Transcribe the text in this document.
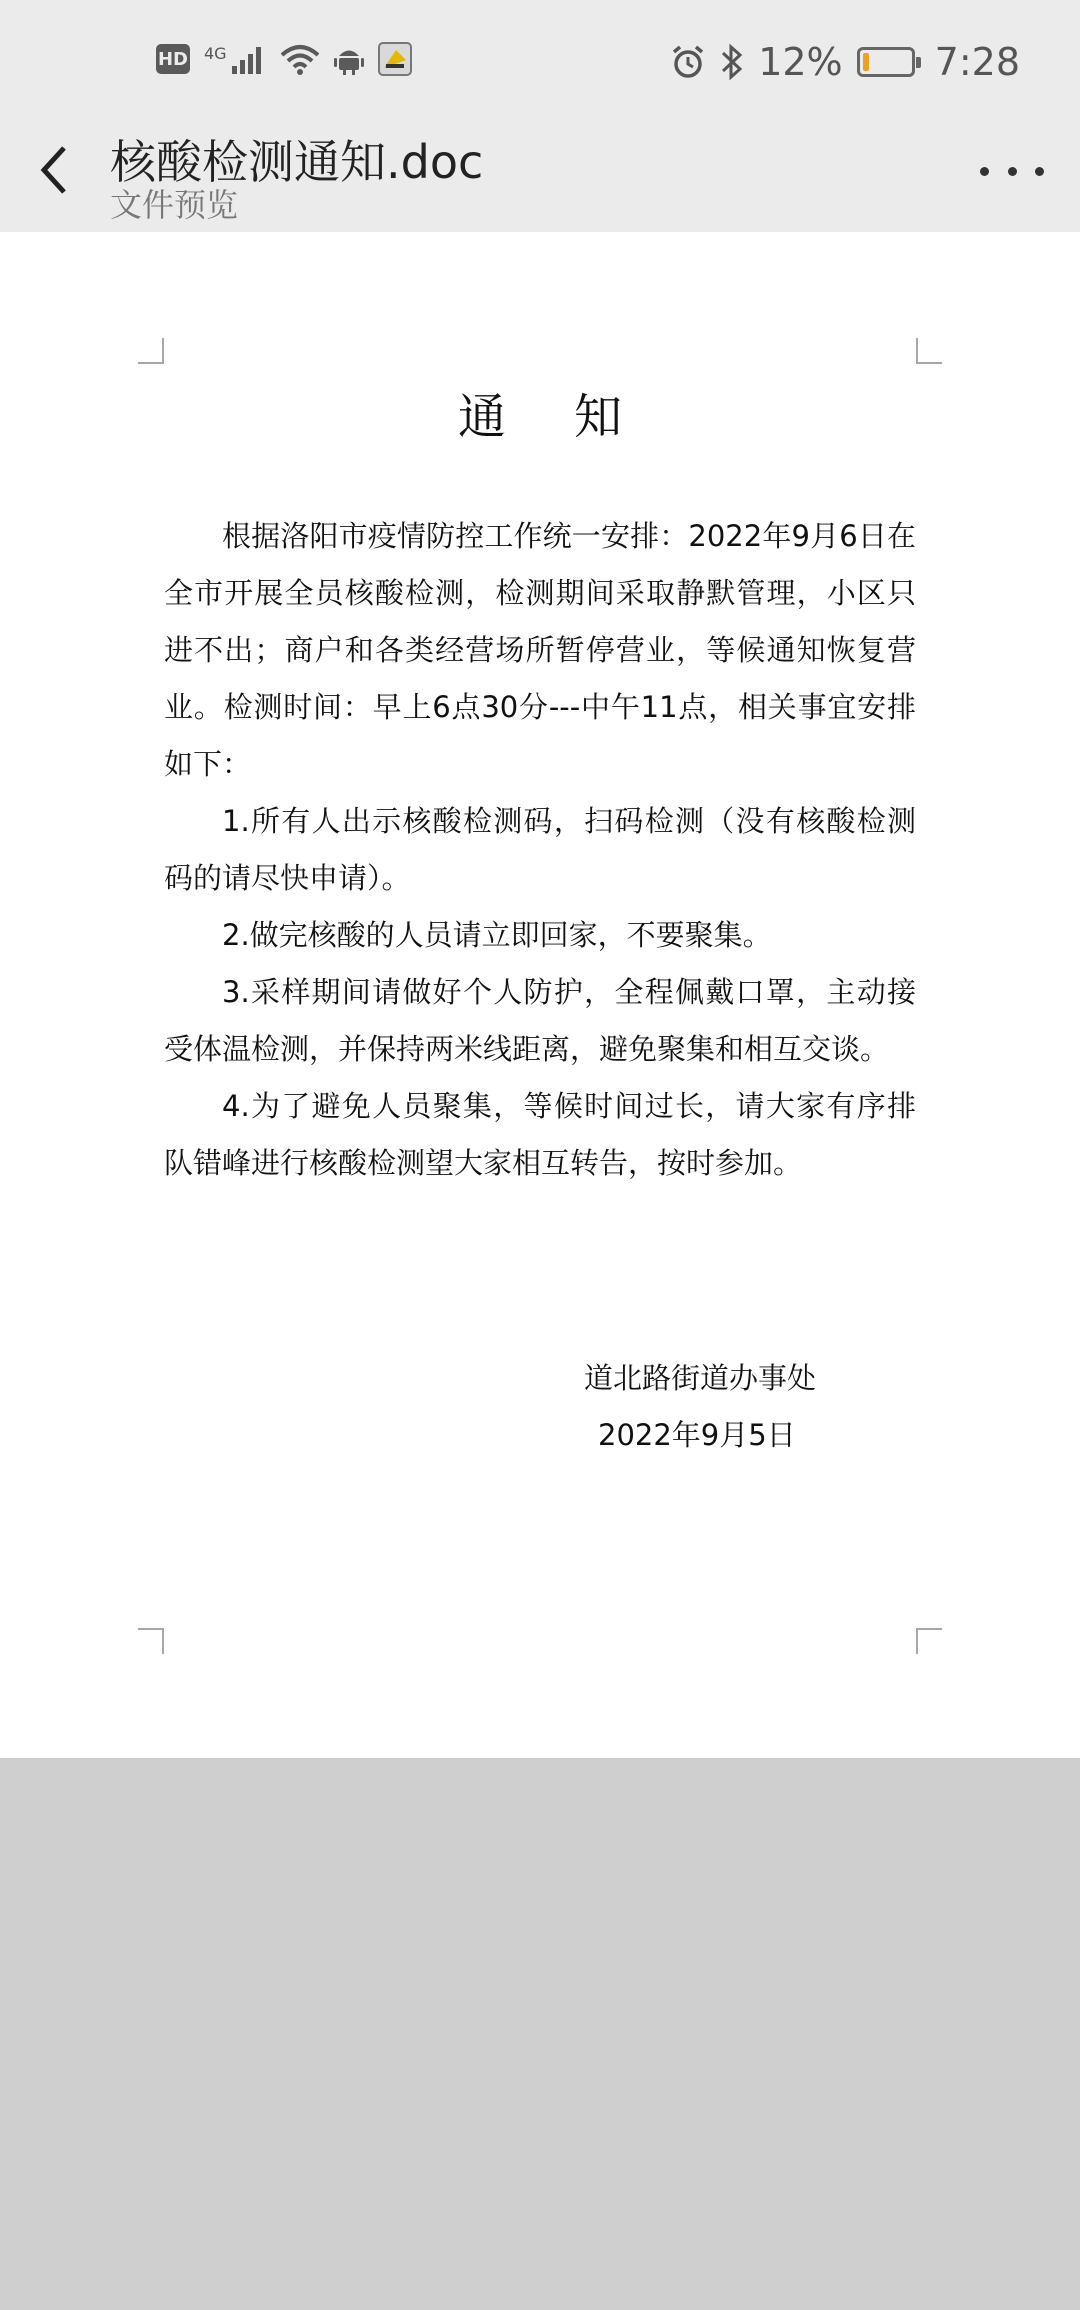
HD 4G	12% 7:28
核酸检测通知.doc
文件预览
通知

根据洛阳市疫情防控工作统一安排：2022年9月6日在全市开展全员核酸检测，检测期间采取静默管理，小区只进不出；商户和各类经营场所暂停营业，等候通知恢复营业。检测时间：早上6点30分---中午11点，相关事宜安排如下：

1.所有人出示核酸检测码，扫码检测（没有核酸检测码的请尽快申请）。

2.做完核酸的人员请立即回家，不要聚集。

3.采样期间请做好个人防护，全程佩戴口罩，主动接受体温检测，并保持两米线距离，避免聚集和相互交谈。

4.为了避免人员聚集，等候时间过长，请大家有序排队错峰进行核酸检测望大家相互转告，按时参加。

道北路街道办事处
2022年9月5日
